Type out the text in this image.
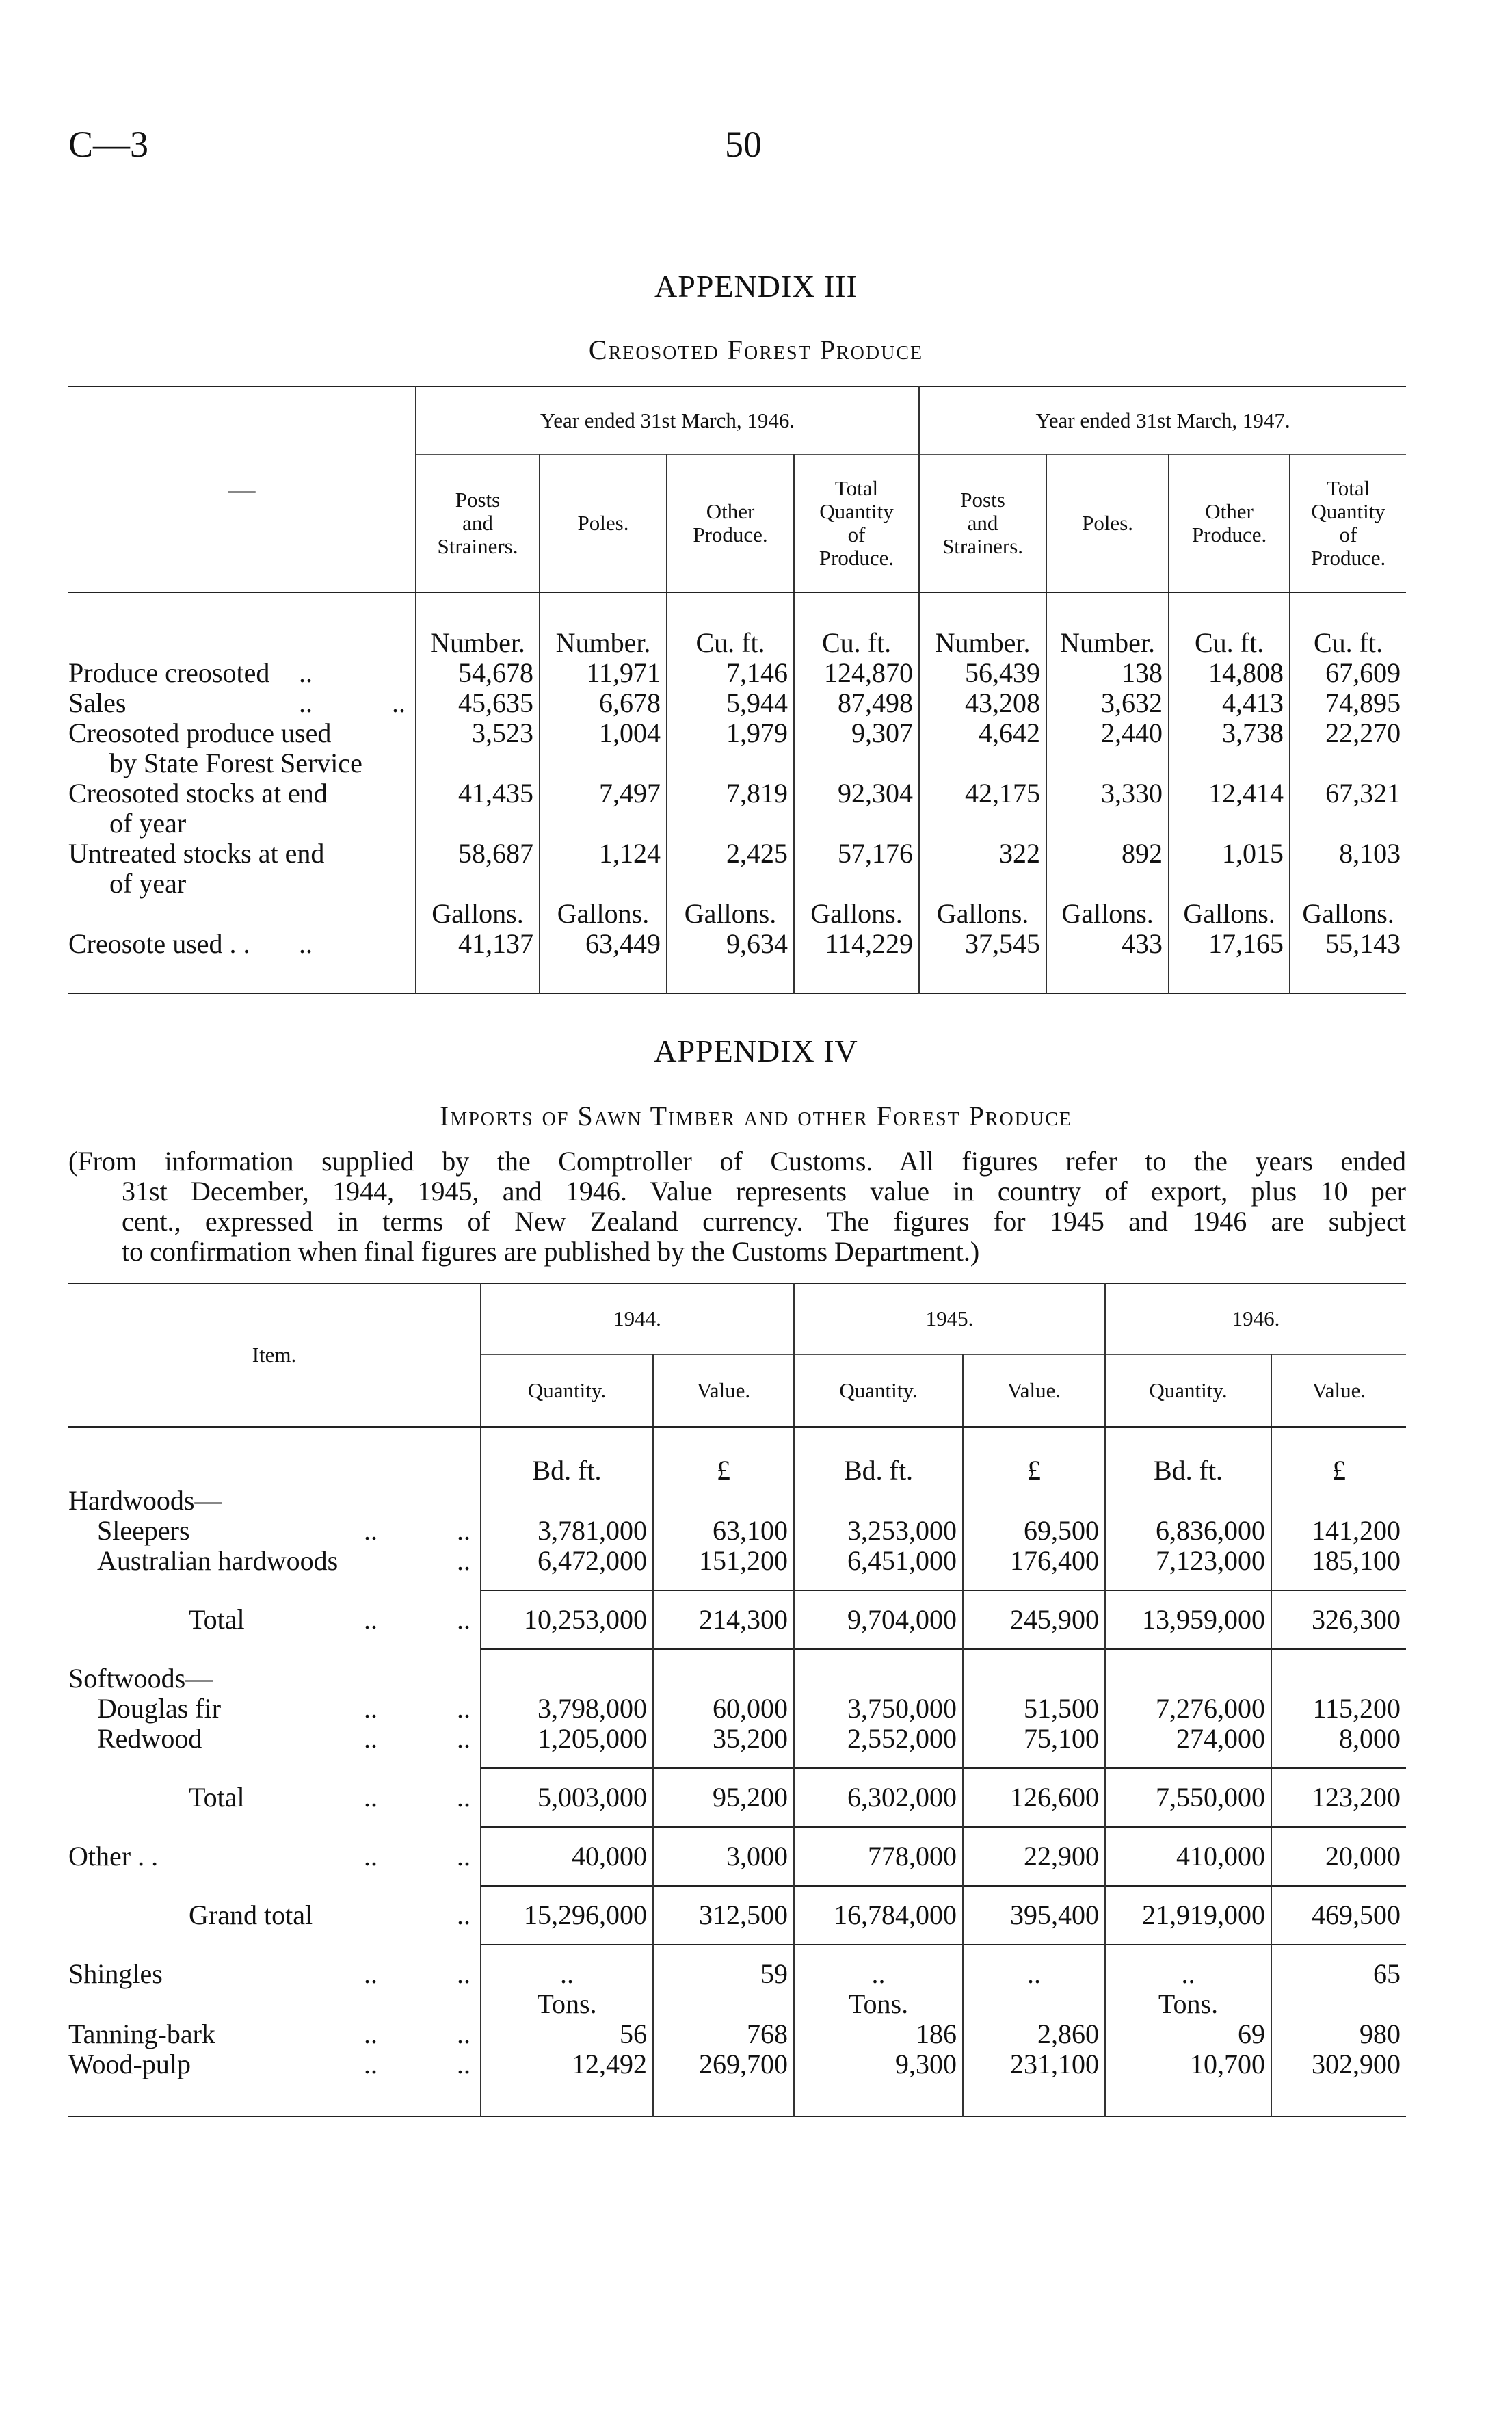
C—3	50
APPENDIX III
Creosoted Forest Produce
—	Year ended 31st March, 1946.				Year ended 31st March, 1947.			
	Posts
and
Strainers.	Poles.	Other
Produce.	Total
Quantity
of
Produce.	Posts
and
Strainers.	Poles.	Other
Produce.	Total
Quantity
of
Produce.

	Number.	Number.	Cu. ft.	Cu. ft.	Number.	Number.	Cu. ft.	Cu. ft.
Produce creosoted ..	54,678	11,971	7,146	124,870	56,439	138	14,808	67,609
Sales .. ..	45,635	6,678	5,944	87,498	43,208	3,632	4,413	74,895
Creosoted produce used
by State Forest Service	3,523	1,004	1,979	9,307	4,642	2,440	3,738	22,270
Creosoted stocks at end
of year	41,435	7,497	7,819	92,304	42,175	3,330	12,414	67,321
Untreated stocks at end
of year	58,687	1,124	2,425	57,176	322	892	1,015	8,103
	Gallons.	Gallons.	Gallons.	Gallons.	Gallons.	Gallons.	Gallons.	Gallons.
Creosote used . . ..	41,137	63,449	9,634	114,229	37,545	433	17,165	55,143

APPENDIX IV
Imports of Sawn Timber and other Forest Produce
(From information supplied by the Comptroller of Customs. All figures refer to the years ended
31st December, 1944, 1945, and 1946. Value represents value in country of export, plus 10 per
cent., expressed in terms of New Zealand currency. The figures for 1945 and 1946 are subject
to confirmation when final figures are published by the Customs Department.)
Item.	1944.		1945.		1946.	
	Quantity.	Value.	Quantity.	Value.	Quantity.	Value.

	Bd. ft.	£	Bd. ft.	£	Bd. ft.	£
Hardwoods—						
Sleepers .. ..	3,781,000	63,100	3,253,000	69,500	6,836,000	141,200
Australian hardwoods ..	6,472,000	151,200	6,451,000	176,400	7,123,000	185,100

Total .. ..	10,253,000	214,300	9,704,000	245,900	13,959,000	326,300

Softwoods—						
Douglas fir .. ..	3,798,000	60,000	3,750,000	51,500	7,276,000	115,200
Redwood .. ..	1,205,000	35,200	2,552,000	75,100	274,000	8,000

Total .. ..	5,003,000	95,200	6,302,000	126,600	7,550,000	123,200

Other . . .. ..	40,000	3,000	778,000	22,900	410,000	20,000

Grand total ..	15,296,000	312,500	16,784,000	395,400	21,919,000	469,500

Shingles .. ..	..	59	..	..	..	65
	Tons.		Tons.		Tons.	
Tanning-bark .. ..	56	768	186	2,860	69	980
Wood-pulp .. ..	12,492	269,700	9,300	231,100	10,700	302,900
